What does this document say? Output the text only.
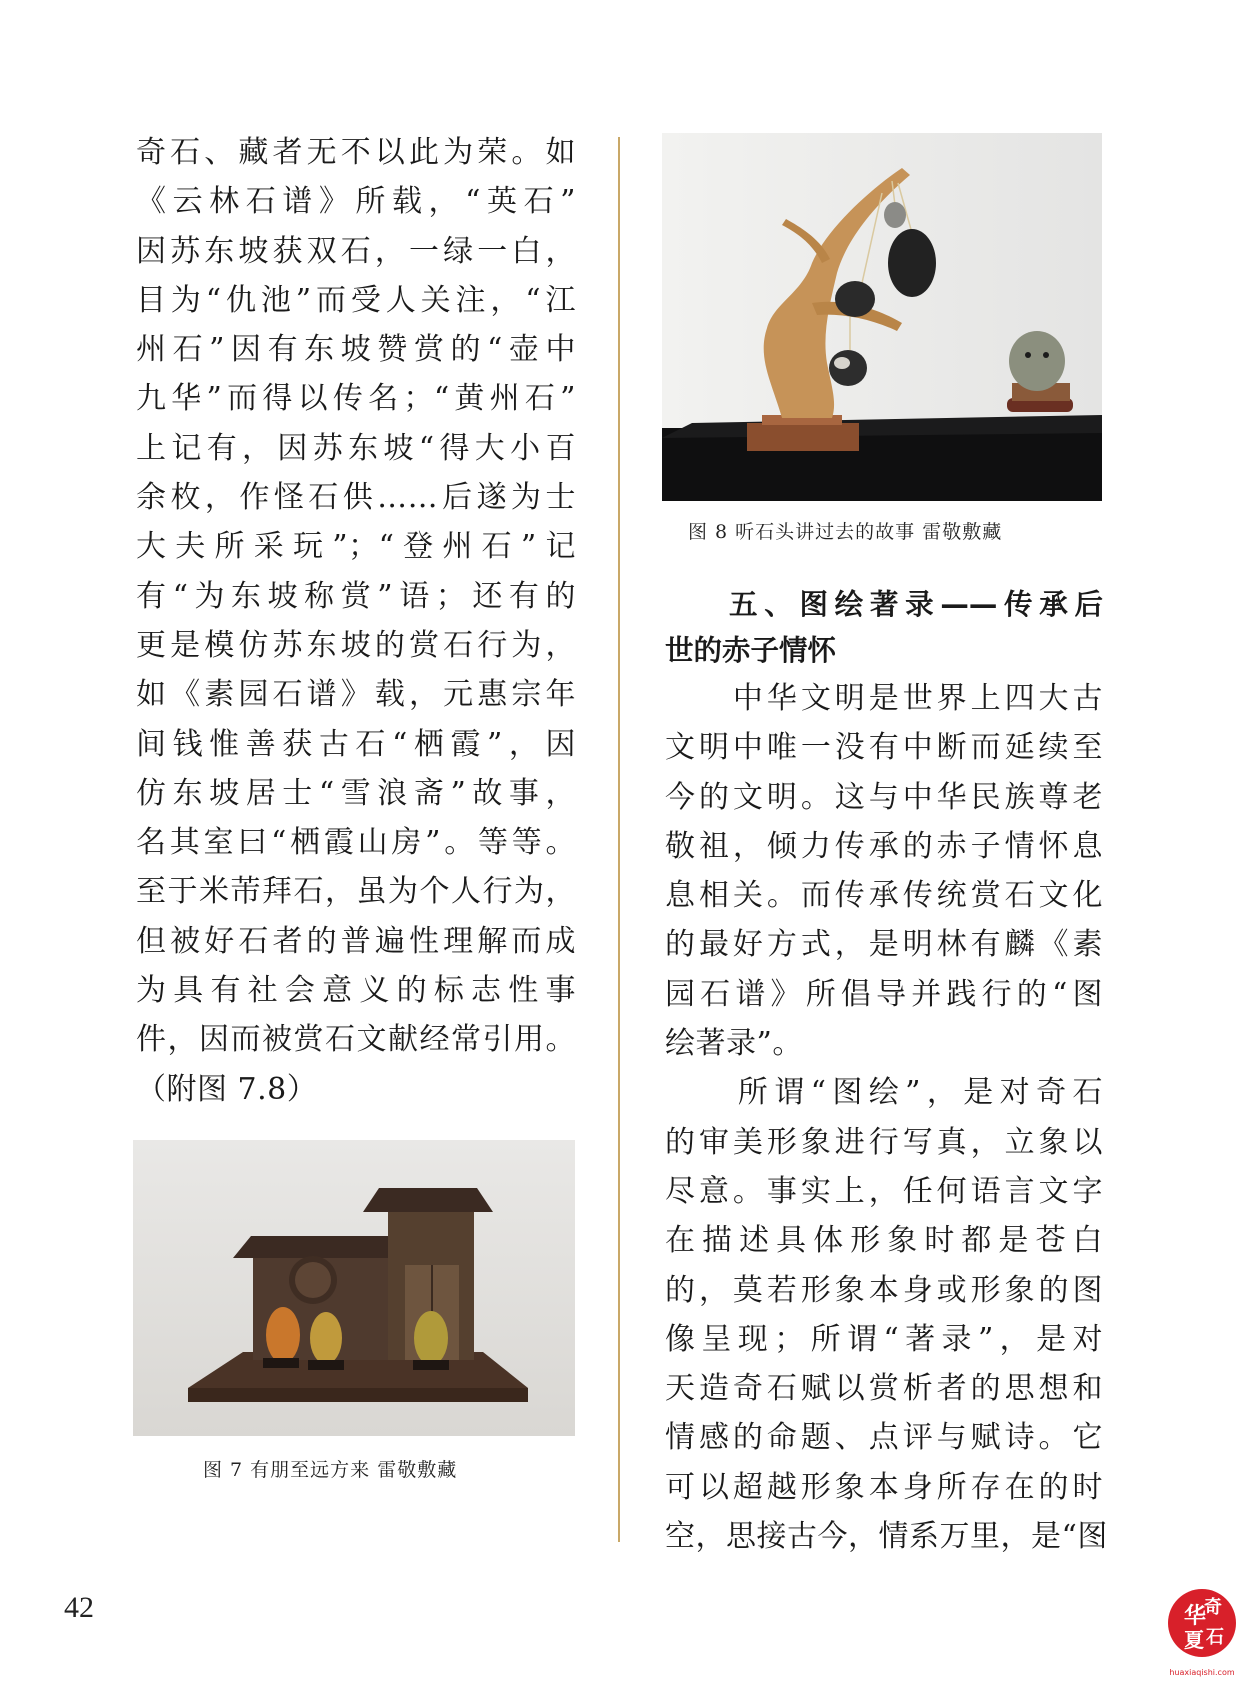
奇石、藏者无不以此为荣。如
《云林石谱》所载，“英石”
因苏东坡获双石，一绿一白，
目为“仇池”而受人关注，“江
州石”因有东坡赞赏的“壶中
九华”而得以传名；“黄州石”
上记有，因苏东坡“得大小百
余枚，作怪石供……后遂为士
大夫所采玩”；“登州石”记
有“为东坡称赏”语；还有的
更是模仿苏东坡的赏石行为，
如《素园石谱》载，元惠宗年
间钱惟善获古石“栖霞”，因
仿东坡居士“雪浪斋”故事，
名其室曰“栖霞山房”。等等。
至于米芾拜石，虽为个人行为，
但被好石者的普遍性理解而成
为具有社会意义的标志性事
件，因而被赏石文献经常引用。
（附图 7.8）
图 7 有朋至远方来 雷敬敷藏
图 8 听石头讲过去的故事 雷敬敷藏
五、图绘著录——传承后
世的赤子情怀
　　中华文明是世界上四大古
文明中唯一没有中断而延续至
今的文明。这与中华民族尊老
敬祖，倾力传承的赤子情怀息
息相关。而传承传统赏石文化
的最好方式，是明林有麟《素
园石谱》所倡导并践行的“图
绘著录”。
　　所谓“图绘”，是对奇石
的审美形象进行写真，立象以
尽意。事实上，任何语言文字
在描述具体形象时都是苍白
的，莫若形象本身或形象的图
像呈现；所谓“著录”，是对
天造奇石赋以赏析者的思想和
情感的命题、点评与赋诗。它
可以超越形象本身所存在的时
空，思接古今，情系万里，是“图
42	华
奇
夏 石
huaxiaqishi.com
